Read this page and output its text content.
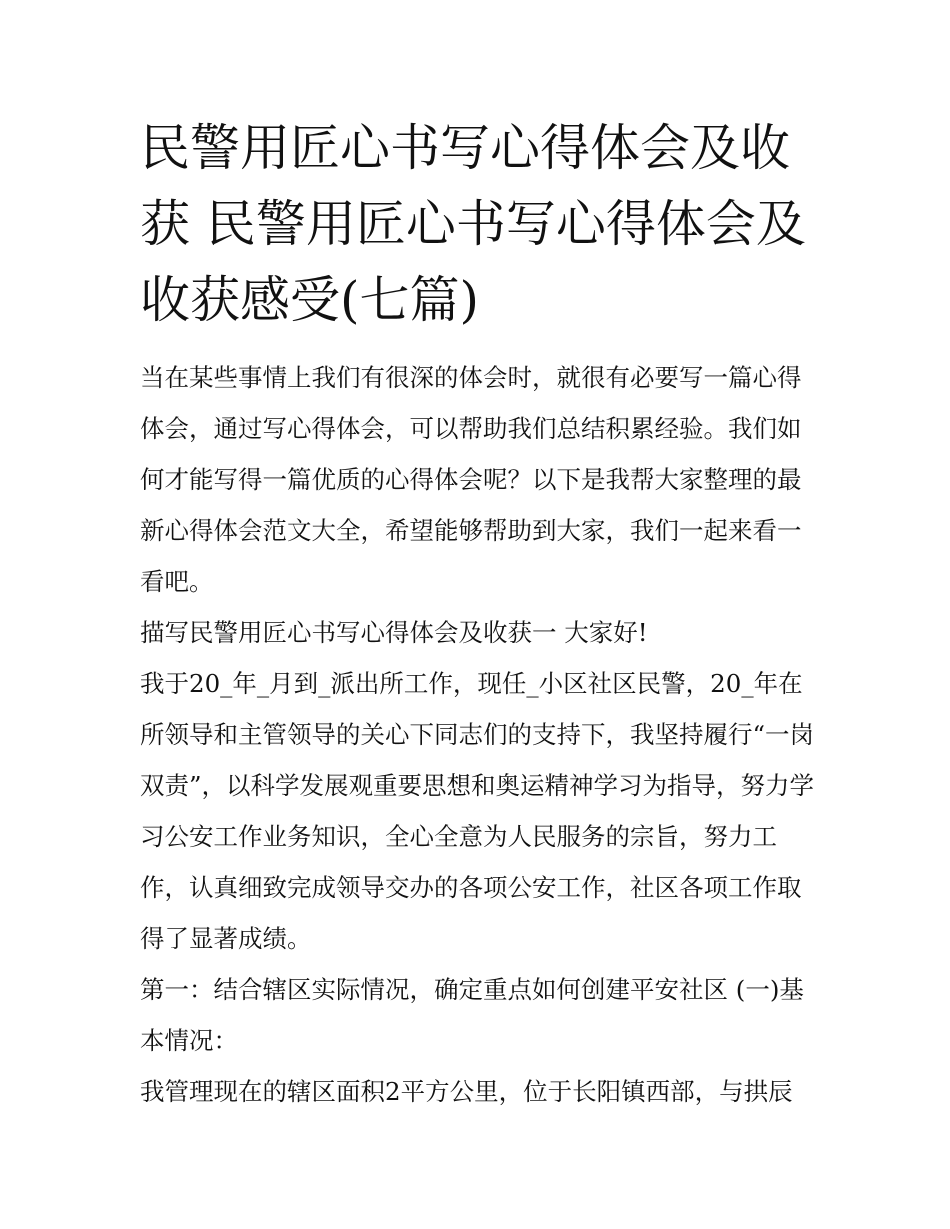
民警用匠心书写心得体会及收获 民警用匠心书写心得体会及收获感受(七篇)

当在某些事情上我们有很深的体会时，就很有必要写一篇心得体会，通过写心得体会，可以帮助我们总结积累经验。我们如何才能写得一篇优质的心得体会呢？以下是我帮大家整理的最新心得体会范文大全，希望能够帮助到大家，我们一起来看一看吧。

描写民警用匠心书写心得体会及收获一 大家好!

我于20_年_月到_派出所工作，现任_小区社区民警，20_年在所领导和主管领导的关心下同志们的支持下，我坚持履行“一岗双责”，以科学发展观重要思想和奥运精神学习为指导，努力学习公安工作业务知识，全心全意为人民服务的宗旨，努力工作，认真细致完成领导交办的各项公安工作，社区各项工作取得了显著成绩。

第一：结合辖区实际情况，确定重点如何创建平安社区 (一)基本情况：

我管理现在的辖区面积2平方公里，位于长阳镇西部，与拱辰
